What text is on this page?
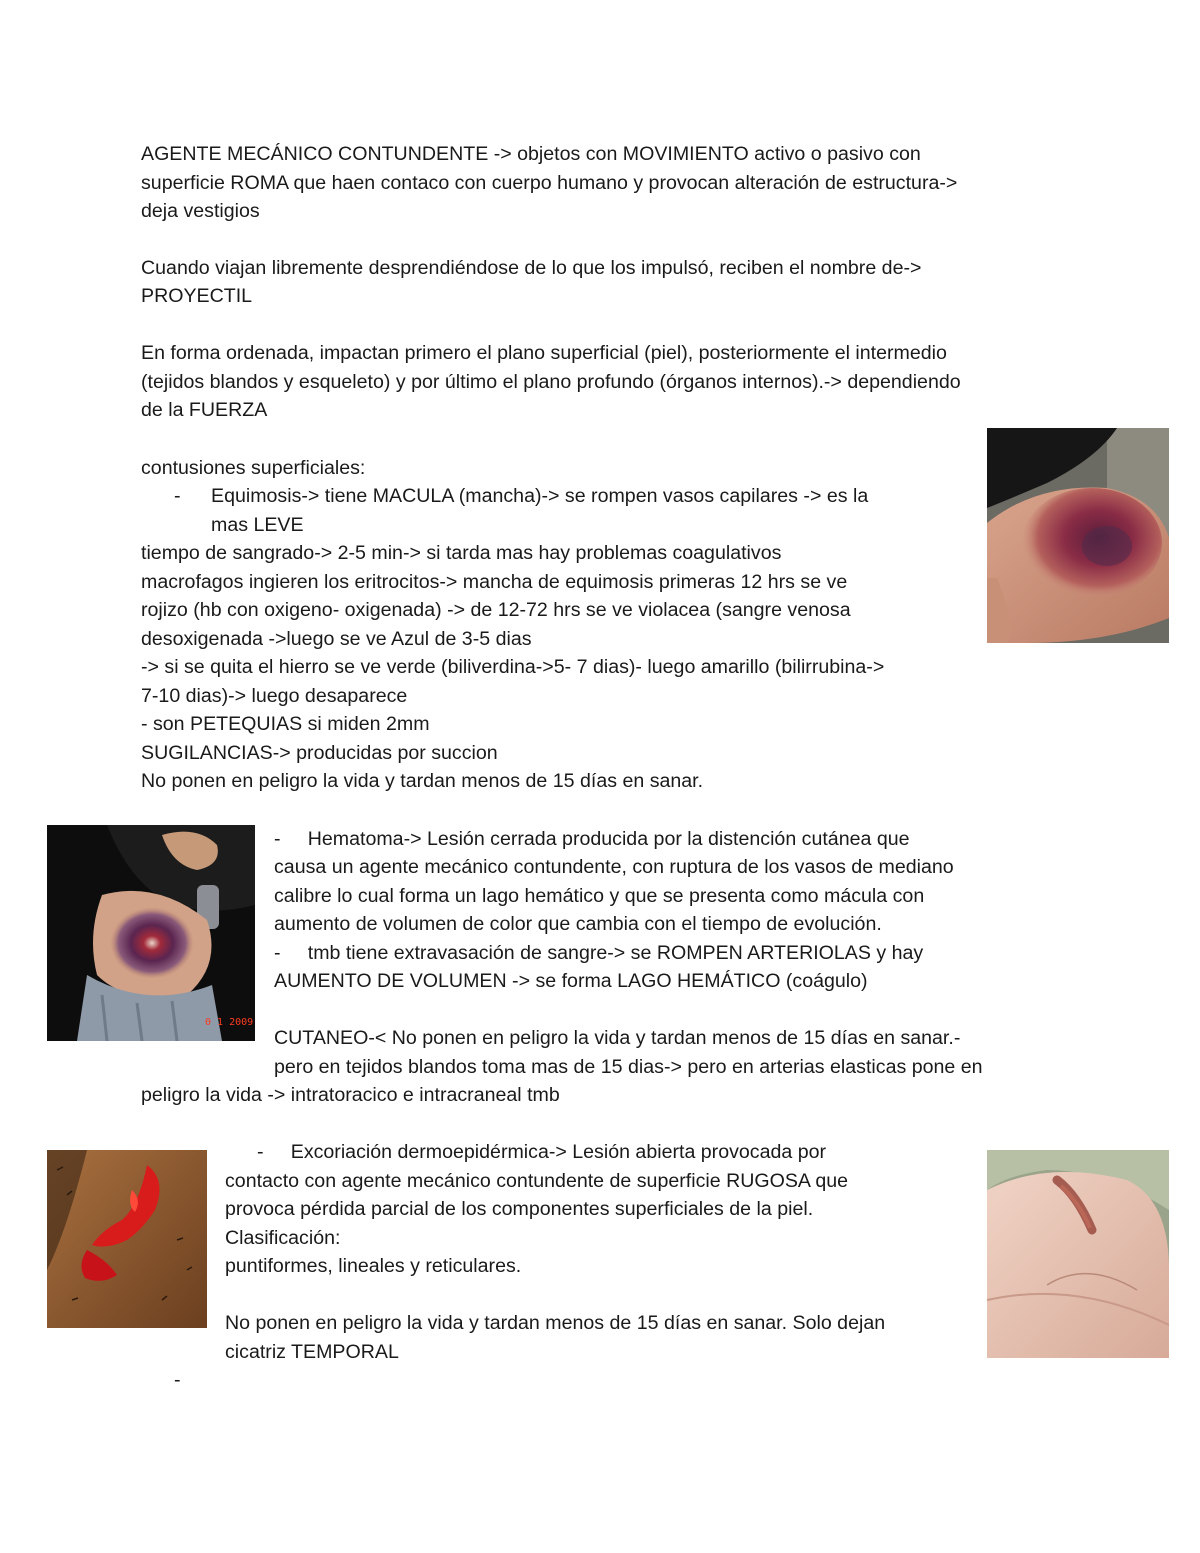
AGENTE MECÁNICO CONTUNDENTE -> objetos con MOVIMIENTO activo o pasivo con
superficie ROMA que haen contaco con cuerpo humano y provocan alteración de estructura->
deja vestigios
Cuando viajan libremente desprendiéndose de lo que los impulsó, reciben el nombre de->
PROYECTIL
En forma ordenada, impactan primero el plano superficial (piel), posteriormente el intermedio
(tejidos blandos y esqueleto) y por último el plano profundo (órganos internos).-> dependiendo
de la FUERZA
contusiones superficiales:
- Equimosis-> tiene MACULA (mancha)-> se rompen vasos capilares -> es la
mas LEVE
tiempo de sangrado-> 2-5 min-> si tarda mas hay problemas coagulativos
macrofagos ingieren los eritrocitos-> mancha de equimosis primeras 12 hrs se ve
rojizo (hb con oxigeno- oxigenada) -> de 12-72 hrs se ve violacea (sangre venosa
desoxigenada ->luego se ve Azul de 3-5 dias
-> si se quita el hierro se ve verde (biliverdina->5- 7 dias)- luego amarillo (bilirrubina->
7-10 dias)-> luego desaparece
- son PETEQUIAS si miden 2mm
SUGILANCIAS-> producidas por succion
No ponen en peligro la vida y tardan menos de 15 días en sanar.
-     Hematoma-> Lesión cerrada producida por la distención cutánea que
causa un agente mecánico contundente, con ruptura de los vasos de mediano
calibre lo cual forma un lago hemático y que se presenta como mácula con
aumento de volumen de color que cambia con el tiempo de evolución.
-     tmb tiene extravasación de sangre-> se ROMPEN ARTERIOLAS y hay
AUMENTO DE VOLUMEN -> se forma LAGO HEMÁTICO (coágulo)
CUTANEO-< No ponen en peligro la vida y tardan menos de 15 días en sanar.-
pero en tejidos blandos toma mas de 15 dias-> pero en arterias elasticas pone en
peligro la vida -> intratoracico e intracraneal tmb
-     Excoriación dermoepidérmica-> Lesión abierta provocada por
contacto con agente mecánico contundente de superficie RUGOSA que
provoca pérdida parcial de los componentes superficiales de la piel.
Clasificación:
puntiformes, lineales y reticulares.
No ponen en peligro la vida y tardan menos de 15 días en sanar. Solo dejan
cicatriz TEMPORAL
-
0 1 2009
